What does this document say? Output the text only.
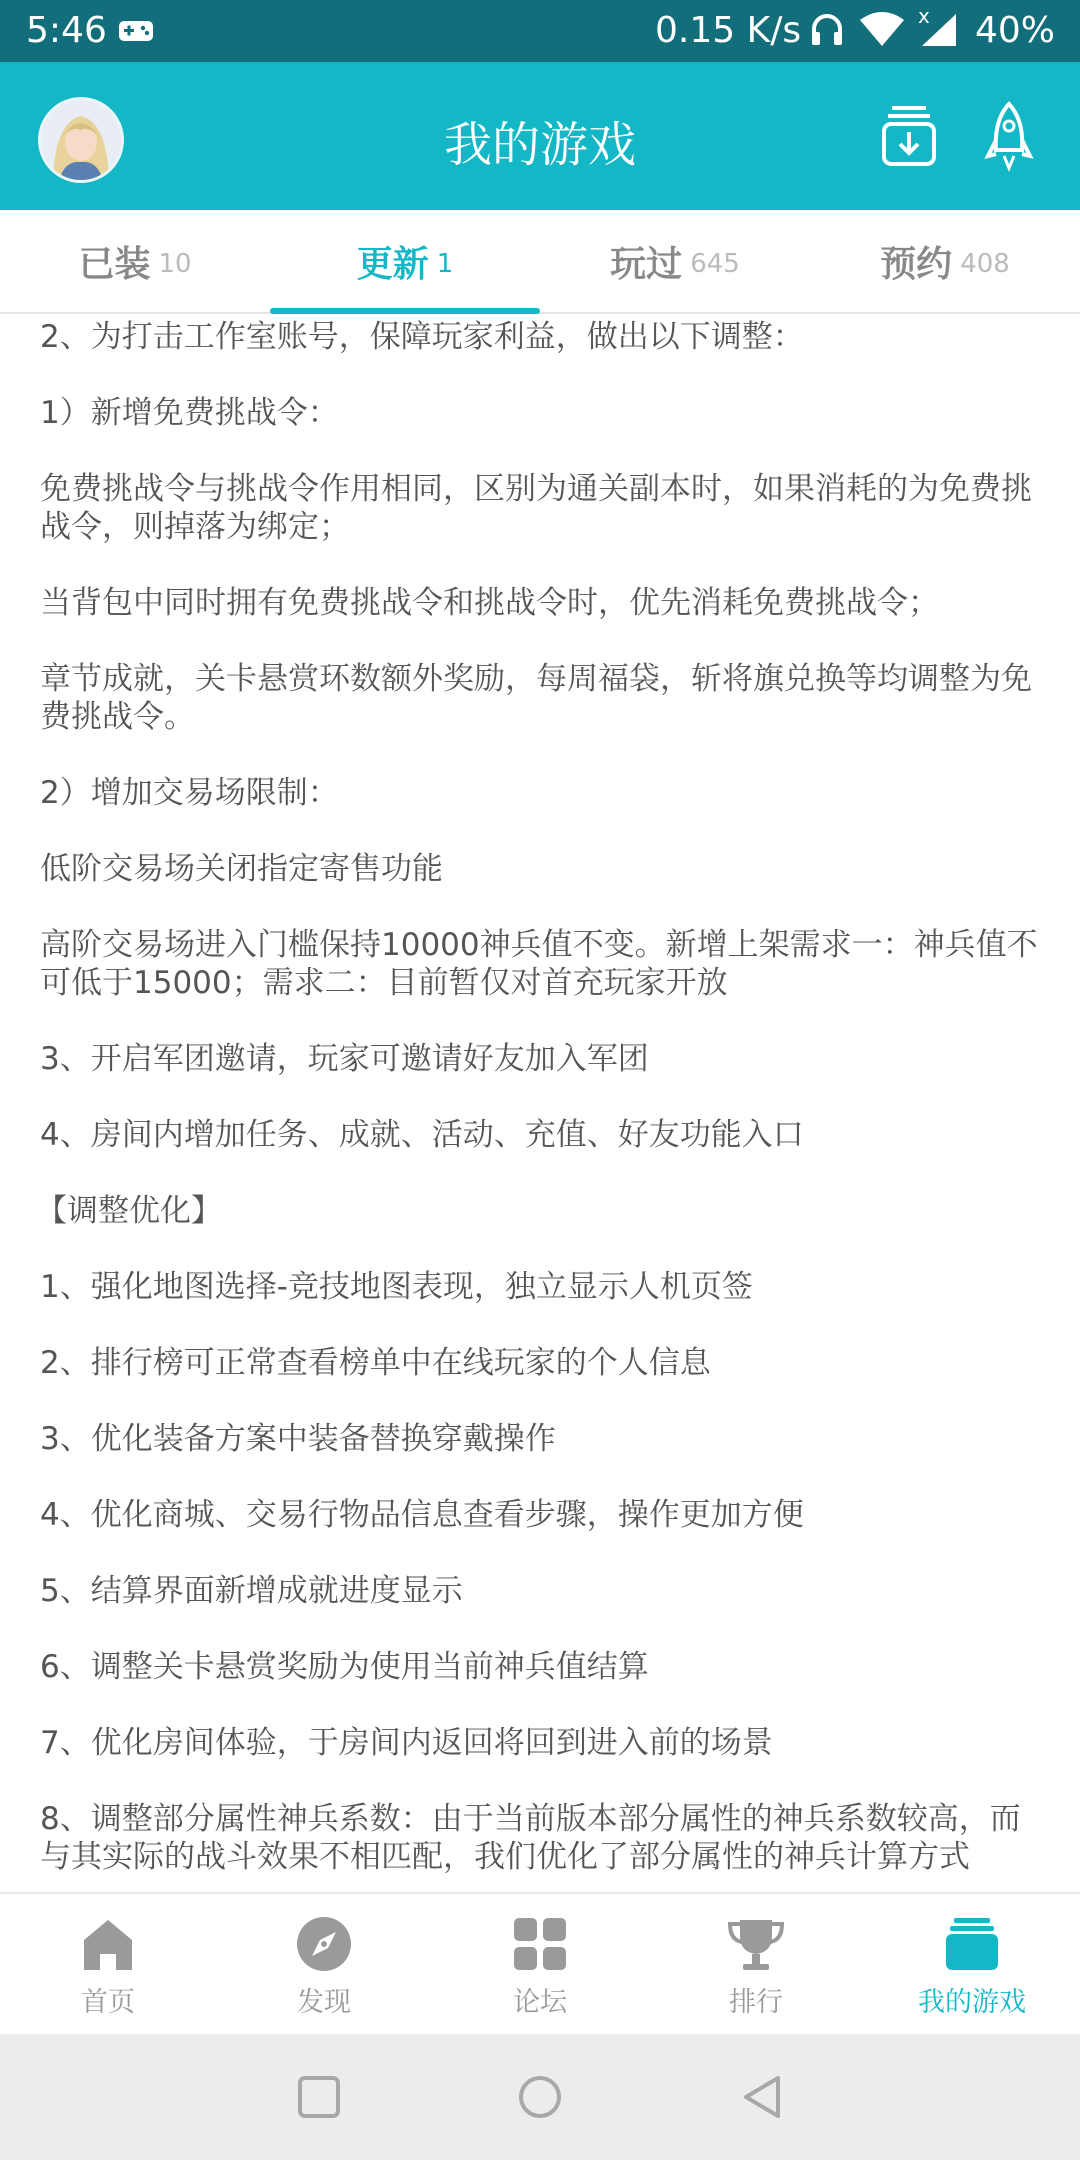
5:46	0.15 K/s	x 40%
我的游戏
已装 10	更新 1	玩过 645	预约 408
2、为打击工作室账号，保障玩家利益，做出以下调整：
1）新增免费挑战令：
免费挑战令与挑战令作用相同，区别为通关副本时，如果消耗的为免费挑战令，则掉落为绑定；
当背包中同时拥有免费挑战令和挑战令时，优先消耗免费挑战令；
章节成就，关卡悬赏环数额外奖励，每周福袋，斩将旗兑换等均调整为免费挑战令。
2）增加交易场限制：
低阶交易场关闭指定寄售功能
高阶交易场进入门槛保持10000神兵值不变。新增上架需求一：神兵值不可低于15000；需求二：目前暂仅对首充玩家开放
3、开启军团邀请，玩家可邀请好友加入军团
4、房间内增加任务、成就、活动、充值、好友功能入口
【调整优化】
1、强化地图选择-竞技地图表现，独立显示人机页签
2、排行榜可正常查看榜单中在线玩家的个人信息
3、优化装备方案中装备替换穿戴操作
4、优化商城、交易行物品信息查看步骤，操作更加方便
5、结算界面新增成就进度显示
6、调整关卡悬赏奖励为使用当前神兵值结算
7、优化房间体验，于房间内返回将回到进入前的场景
8、调整部分属性神兵系数：由于当前版本部分属性的神兵系数较高，而与其实际的战斗效果不相匹配，我们优化了部分属性的神兵计算方式
首页	发现	论坛	排行	我的游戏
